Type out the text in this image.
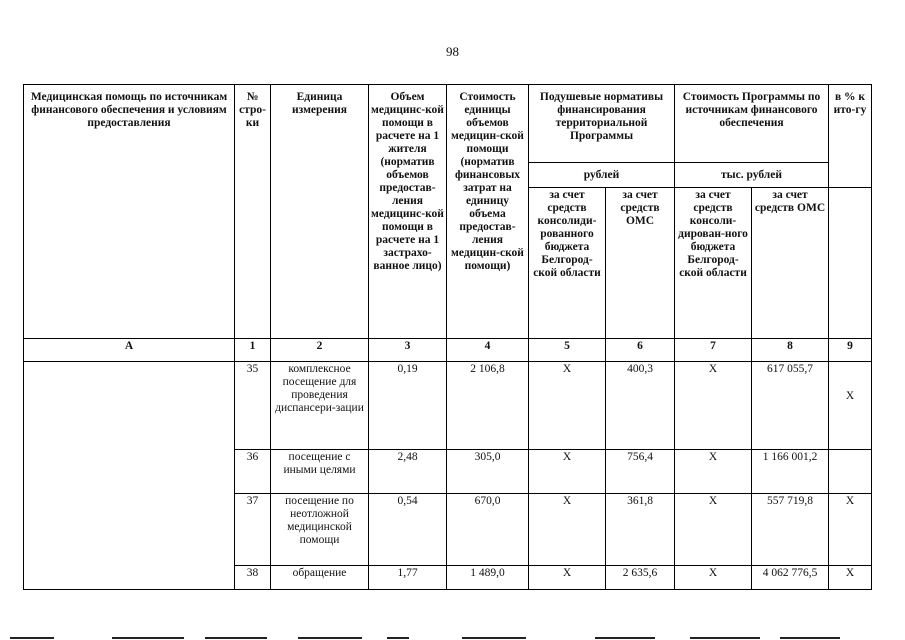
98
Медицинская помощь по источникам финансового обеспечения и условиям предоставления	№ стро-ки	Единица измерения	Объем медицинс-кой помощи в расчете на 1 жителя (норматив объемов предостав-ления медицинс-кой помощи в расчете на 1 застрахо-ванное лицо)	Стоимость единицы объемов медицин-ской помощи (норматив финансовых затрат на единицу объема предостав-ления медицин-ской помощи)	Подушевые нормативы финансирования территориальной Программы		Стоимость Программы по источникам финансового обеспечения		в % к ито-гу
					рублей		тыс. рублей		
					за счет средств консолиди-рованного бюджета Белгород-ской области	за счет средств ОМС	за счет средств консоли-дирован-ного бюджета Белгород-ской области	за счет средств ОМС	
А	1	2	3	4	5	6	7	8	9
	35	комплексное посещение для проведения диспансери-зации	0,19	2 106,8	Х	400,3	Х	617 055,7	Х
	36	посещение с иными целями	2,48	305,0	Х	756,4	Х	1 166 001,2	
	37	посещение по неотложной медицинской помощи	0,54	670,0	Х	361,8	Х	557 719,8	Х
	38	обращение	1,77	1 489,0	Х	2 635,6	Х	4 062 776,5	Х
